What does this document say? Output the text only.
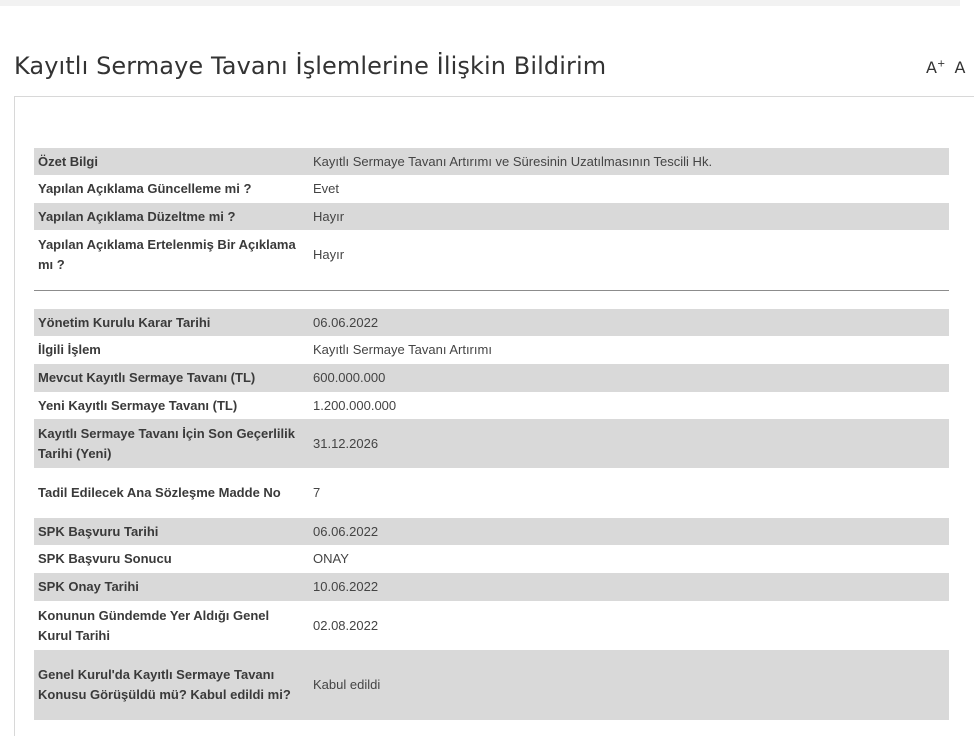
Kayıtlı Sermaye Tavanı İşlemlerine İlişkin Bildirim	A+ A
Özet Bilgi	Kayıtlı Sermaye Tavanı Artırımı ve Süresinin Uzatılmasının Tescili Hk.
Yapılan Açıklama Güncelleme mi ?	Evet
Yapılan Açıklama Düzeltme mi ?	Hayır
Yapılan Açıklama Ertelenmiş Bir Açıklama mı ?	Hayır
Yönetim Kurulu Karar Tarihi	06.06.2022
İlgili İşlem	Kayıtlı Sermaye Tavanı Artırımı
Mevcut Kayıtlı Sermaye Tavanı (TL)	600.000.000
Yeni Kayıtlı Sermaye Tavanı (TL)	1.200.000.000
Kayıtlı Sermaye Tavanı İçin Son Geçerlilik Tarihi (Yeni)	31.12.2026
Tadil Edilecek Ana Sözleşme Madde No	7
SPK Başvuru Tarihi	06.06.2022
SPK Başvuru Sonucu	ONAY
SPK Onay Tarihi	10.06.2022
Konunun Gündemde Yer Aldığı Genel Kurul Tarihi	02.08.2022
Genel Kurul'da Kayıtlı Sermaye Tavanı Konusu Görüşüldü mü? Kabul edildi mi?	Kabul edildi
